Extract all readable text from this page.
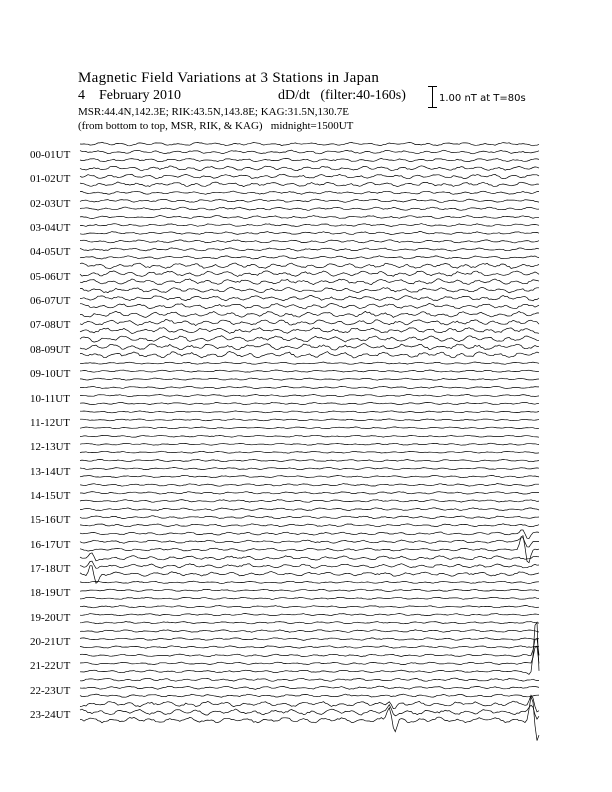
Magnetic Field Variations at 3 Stations in Japan
4    February 2010	dD/dt   (filter:40-160s)
MSR:44.4N,142.3E; RIK:43.5N,143.8E; KAG:31.5N,130.7E
(from bottom to top, MSR, RIK, & KAG)   midnight=1500UT
1.00 nT at T=80s
00-01UT
01-02UT
02-03UT
03-04UT
04-05UT
05-06UT
06-07UT
07-08UT
08-09UT
09-10UT
10-11UT
11-12UT
12-13UT
13-14UT
14-15UT
15-16UT
16-17UT
17-18UT
18-19UT
19-20UT
20-21UT
21-22UT
22-23UT
23-24UT
